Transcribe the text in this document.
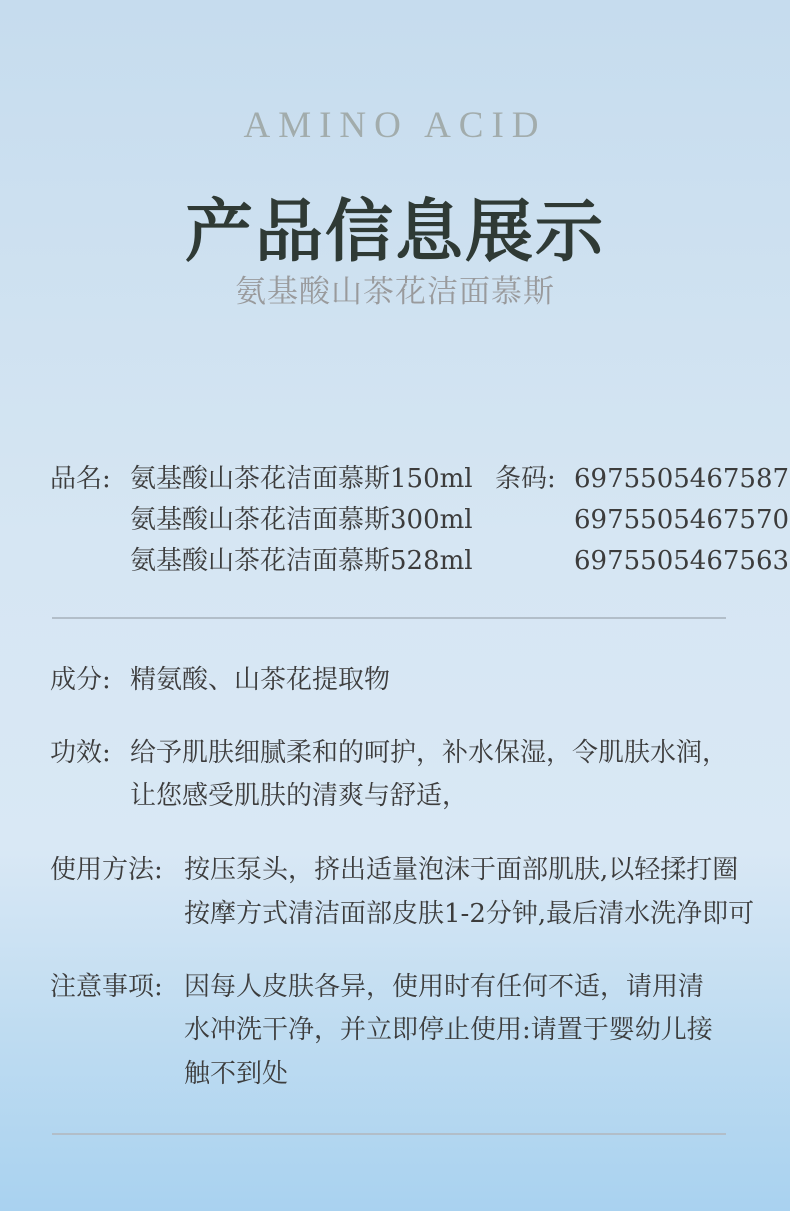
AMINO ACID
产品信息展示
氨基酸山茶花洁面慕斯
品名: 氨基酸山茶花洁面慕斯150ml
氨基酸山茶花洁面慕斯300ml
氨基酸山茶花洁面慕斯528ml
条码: 6975505467587
6975505467570
6975505467563
成分: 精氨酸、山茶花提取物
功效: 给予肌肤细腻柔和的呵护，补水保湿，令肌肤水润，
让您感受肌肤的清爽与舒适，
使用方法: 按压泵头，挤出适量泡沫于面部肌肤,以轻揉打圈
按摩方式清洁面部皮肤1-2分钟,最后清水洗净即可
注意事项: 因每人皮肤各异，使用时有任何不适，请用清
水冲洗干净，并立即停止使用:请置于婴幼儿接
触不到处
